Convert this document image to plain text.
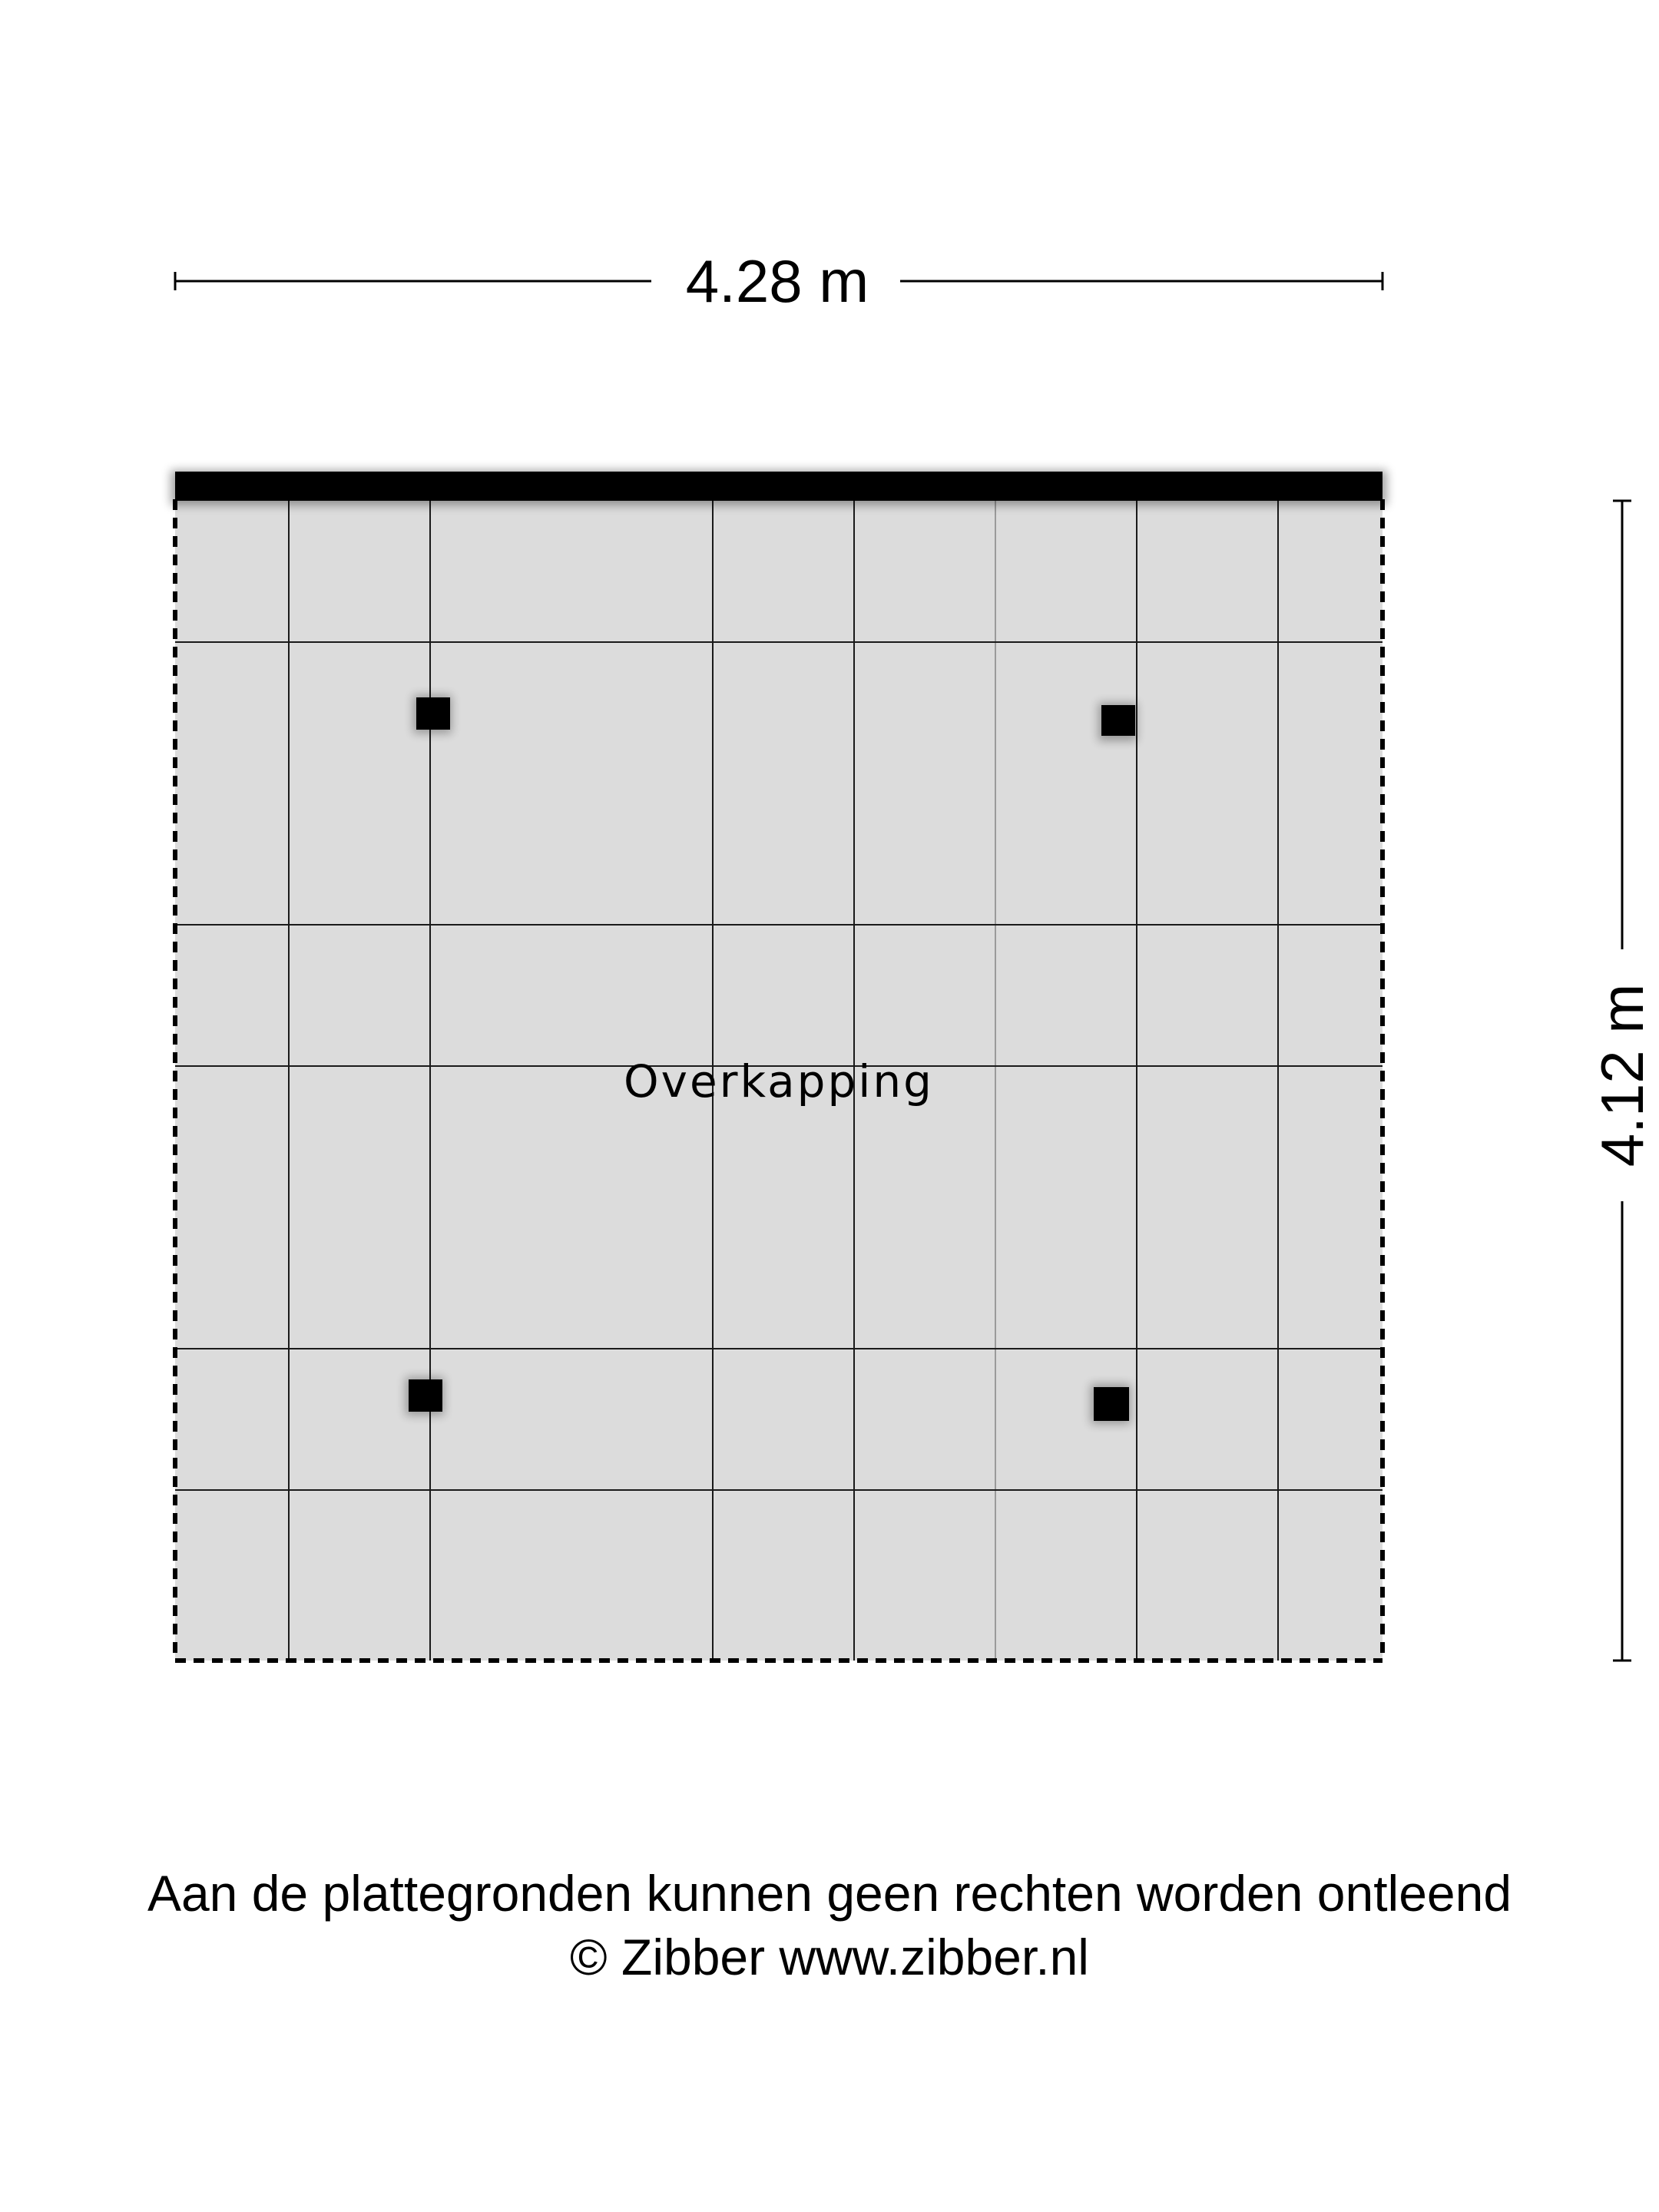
Overkapping
4.28 m
4.12 m
Aan de plattegronden kunnen geen rechten worden ontleend
© Zibber www.zibber.nl
